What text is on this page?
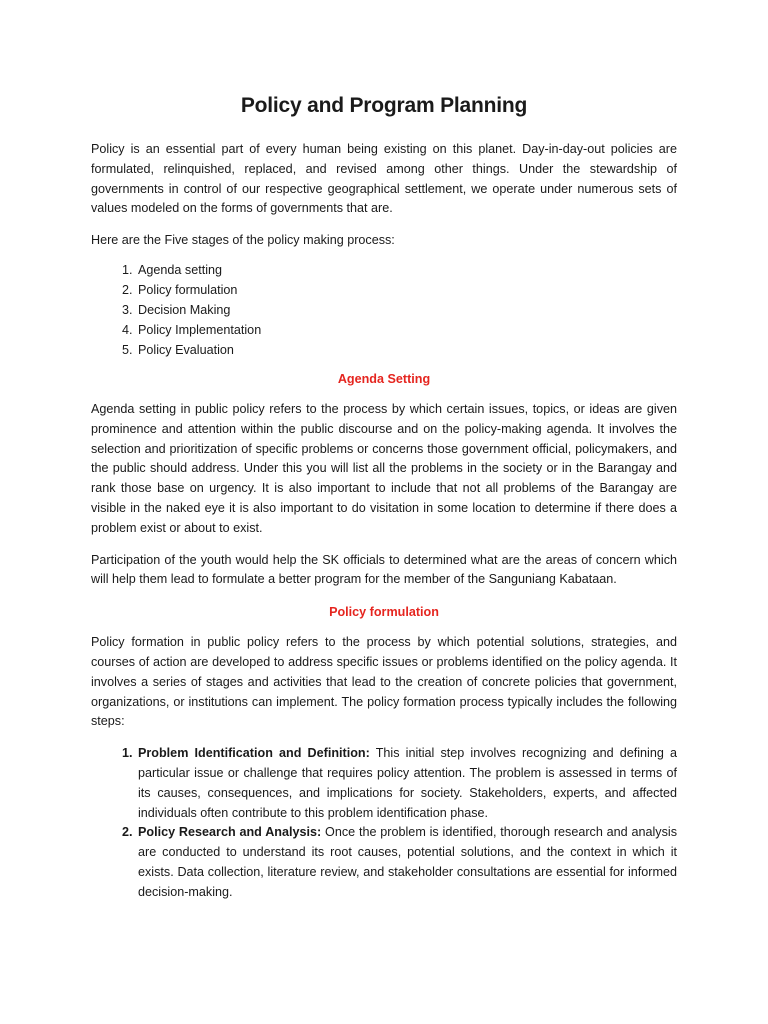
Policy and Program Planning

Policy is an essential part of every human being existing on this planet. Day-in-day-out policies are formulated, relinquished, replaced, and revised among other things. Under the stewardship of governments in control of our respective geographical settlement, we operate under numerous sets of values modeled on the forms of governments that are.

Here are the Five stages of the policy making process:

1. Agenda setting
2. Policy formulation
3. Decision Making
4. Policy Implementation
5. Policy Evaluation
Agenda Setting

Agenda setting in public policy refers to the process by which certain issues, topics, or ideas are given prominence and attention within the public discourse and on the policy-making agenda. It involves the selection and prioritization of specific problems or concerns those government official, policymakers, and the public should address. Under this you will list all the problems in the society or in the Barangay and rank those base on urgency. It is also important to include that not all problems of the Barangay are visible in the naked eye it is also important to do visitation in some location to determine if there does a problem exist or about to exist.

Participation of the youth would help the SK officials to determined what are the areas of concern which will help them lead to formulate a better program for the member of the Sanguniang Kabataan.

Policy formulation

Policy formation in public policy refers to the process by which potential solutions, strategies, and courses of action are developed to address specific issues or problems identified on the policy agenda. It involves a series of stages and activities that lead to the creation of concrete policies that government, organizations, or institutions can implement. The policy formation process typically includes the following steps:

1. Problem Identification and Definition: This initial step involves recognizing and defining a particular issue or challenge that requires policy attention. The problem is assessed in terms of its causes, consequences, and implications for society. Stakeholders, experts, and affected individuals often contribute to this problem identification phase.
2. Policy Research and Analysis: Once the problem is identified, thorough research and analysis are conducted to understand its root causes, potential solutions, and the context in which it exists. Data collection, literature review, and stakeholder consultations are essential for informed decision-making.
